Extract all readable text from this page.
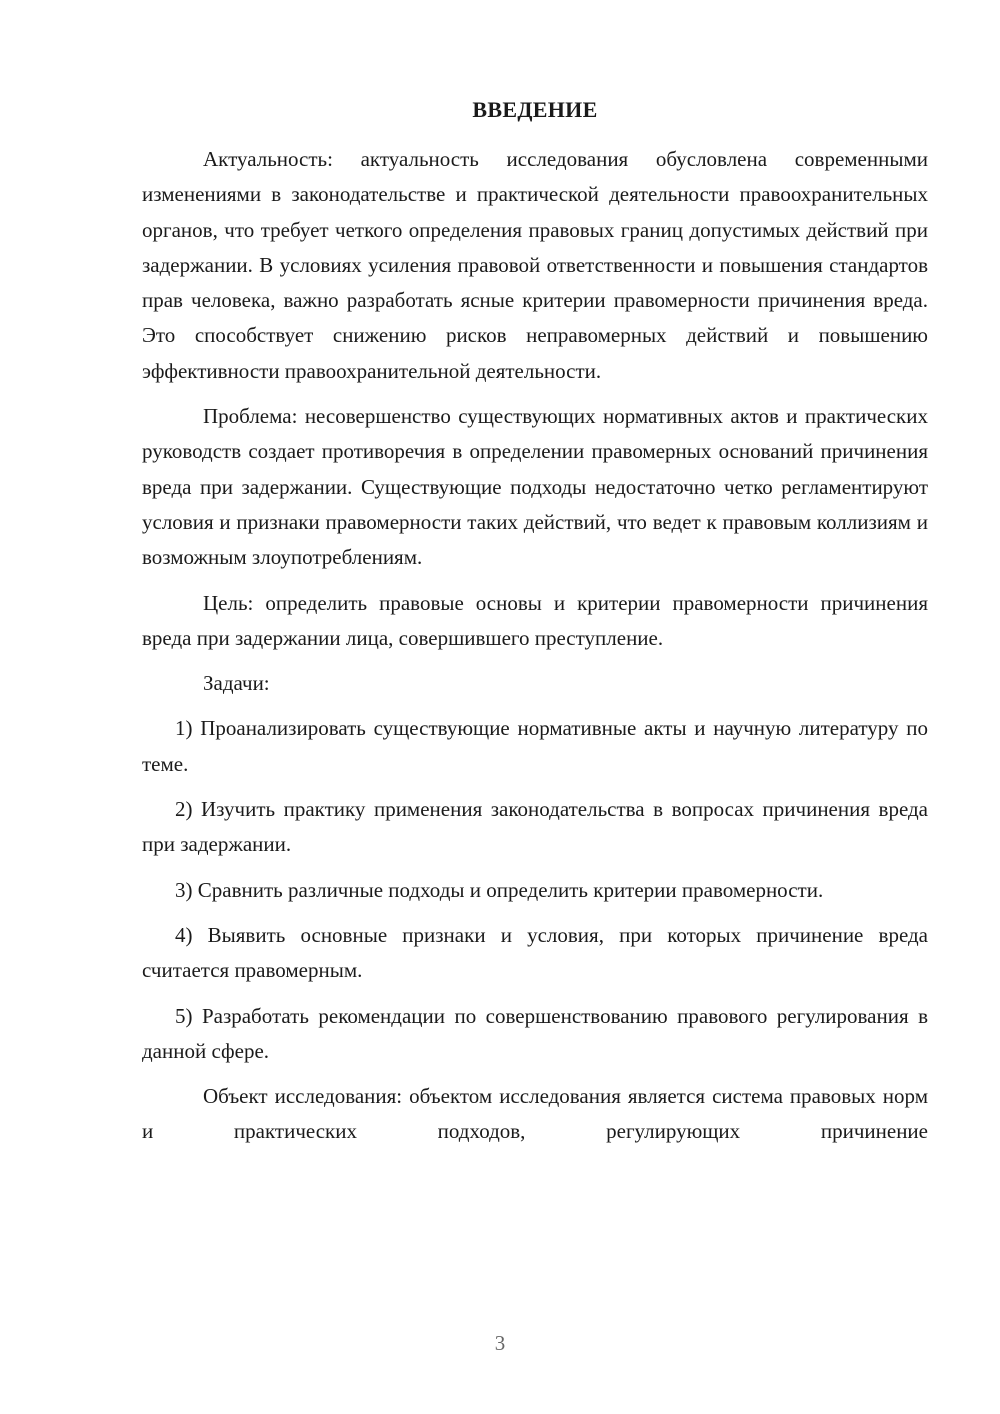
ВВЕДЕНИЕ

Актуальность: актуальность исследования обусловлена современными изменениями в законодательстве и практической деятельности правоохранительных органов, что требует четкого определения правовых границ допустимых действий при задержании. В условиях усиления правовой ответственности и повышения стандартов прав человека, важно разработать ясные критерии правомерности причинения вреда. Это способствует снижению рисков неправомерных действий и повышению эффективности правоохранительной деятельности.

Проблема: несовершенство существующих нормативных актов и практических руководств создает противоречия в определении правомерных оснований причинения вреда при задержании. Существующие подходы недостаточно четко регламентируют условия и признаки правомерности таких действий, что ведет к правовым коллизиям и возможным злоупотреблениям.

Цель: определить правовые основы и критерии правомерности причинения вреда при задержании лица, совершившего преступление.

Задачи:

1) Проанализировать существующие нормативные акты и научную литературу по теме.

2) Изучить практику применения законодательства в вопросах причинения вреда при задержании.

3) Сравнить различные подходы и определить критерии правомерности.

4) Выявить основные признаки и условия, при которых причинение вреда считается правомерным.

5) Разработать рекомендации по совершенствованию правового регулирования в данной сфере.

Объект исследования: объектом исследования является система правовых норм и практических подходов, регулирующих причинение

3
